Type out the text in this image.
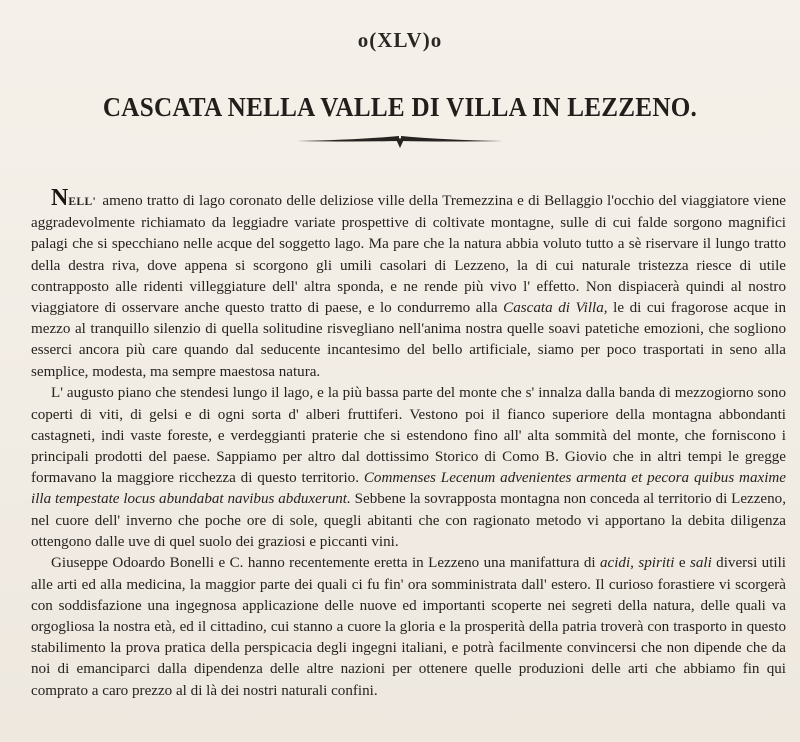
o(XLV)o
CASCATA NELLA VALLE DI VILLA IN LEZZENO.

NELL' ameno tratto di lago coronato delle deliziose ville della Tremezzina e di Bellaggio l'occhio del viaggiatore viene aggradevolmente richiamato da leggiadre variate prospettive di coltivate montagne, sulle di cui falde sorgono magnifici palagi che si specchiano nelle acque del soggetto lago. Ma pare che la natura abbia voluto tutto a sè riservare il lungo tratto della destra riva, dove appena si scorgono gli umili casolari di Lezzeno, la di cui naturale tristezza riesce di utile contrapposto alle ridenti villeggiature dell' altra sponda, e ne rende più vivo l' effetto. Non dispiacerà quindi al nostro viaggiatore di osservare anche questo tratto di paese, e lo condurremo alla Cascata di Villa, le di cui fragorose acque in mezzo al tranquillo silenzio di quella solitudine risvegliano nell'anima nostra quelle soavi patetiche emozioni, che sogliono esserci ancora più care quando dal seducente incantesimo del bello artificiale, siamo per poco trasportati in seno alla semplice, modesta, ma sempre maestosa natura.

L' augusto piano che stendesi lungo il lago, e la più bassa parte del monte che s' innalza dalla banda di mezzogiorno sono coperti di viti, di gelsi e di ogni sorta d' alberi fruttiferi. Vestono poi il fianco superiore della montagna abbondanti castagneti, indi vaste foreste, e verdeggianti praterie che si estendono fino all' alta sommità del monte, che forniscono i principali prodotti del paese. Sappiamo per altro dal dottissimo Storico di Como B. Giovio che in altri tempi le gregge formavano la maggiore ricchezza di questo territorio. Commenses Lecenum advenientes armenta et pecora quibus maxime illa tempestate locus abundabat navibus abduxerunt. Sebbene la sovrapposta montagna non conceda al territorio di Lezzeno, nel cuore dell' inverno che poche ore di sole, quegli abitanti che con ragionato metodo vi apportano la debita diligenza ottengono dalle uve di quel suolo dei graziosi e piccanti vini.

Giuseppe Odoardo Bonelli e C. hanno recentemente eretta in Lezzeno una manifattura di acidi, spiriti e sali diversi utili alle arti ed alla medicina, la maggior parte dei quali ci fu fin' ora somministrata dall' estero. Il curioso forastiere vi scorgerà con soddisfazione una ingegnosa applicazione delle nuove ed importanti scoperte nei segreti della natura, delle quali va orgogliosa la nostra età, ed il cittadino, cui stanno a cuore la gloria e la prosperità della patria troverà con trasporto in questo stabilimento la prova pratica della perspicacia degli ingegni italiani, e potrà facilmente convincersi che non dipende che da noi di emanciparci dalla dipendenza delle altre nazioni per ottenere quelle produzioni delle arti che abbiamo fin qui comprato a caro prezzo al di là dei nostri naturali confini.
